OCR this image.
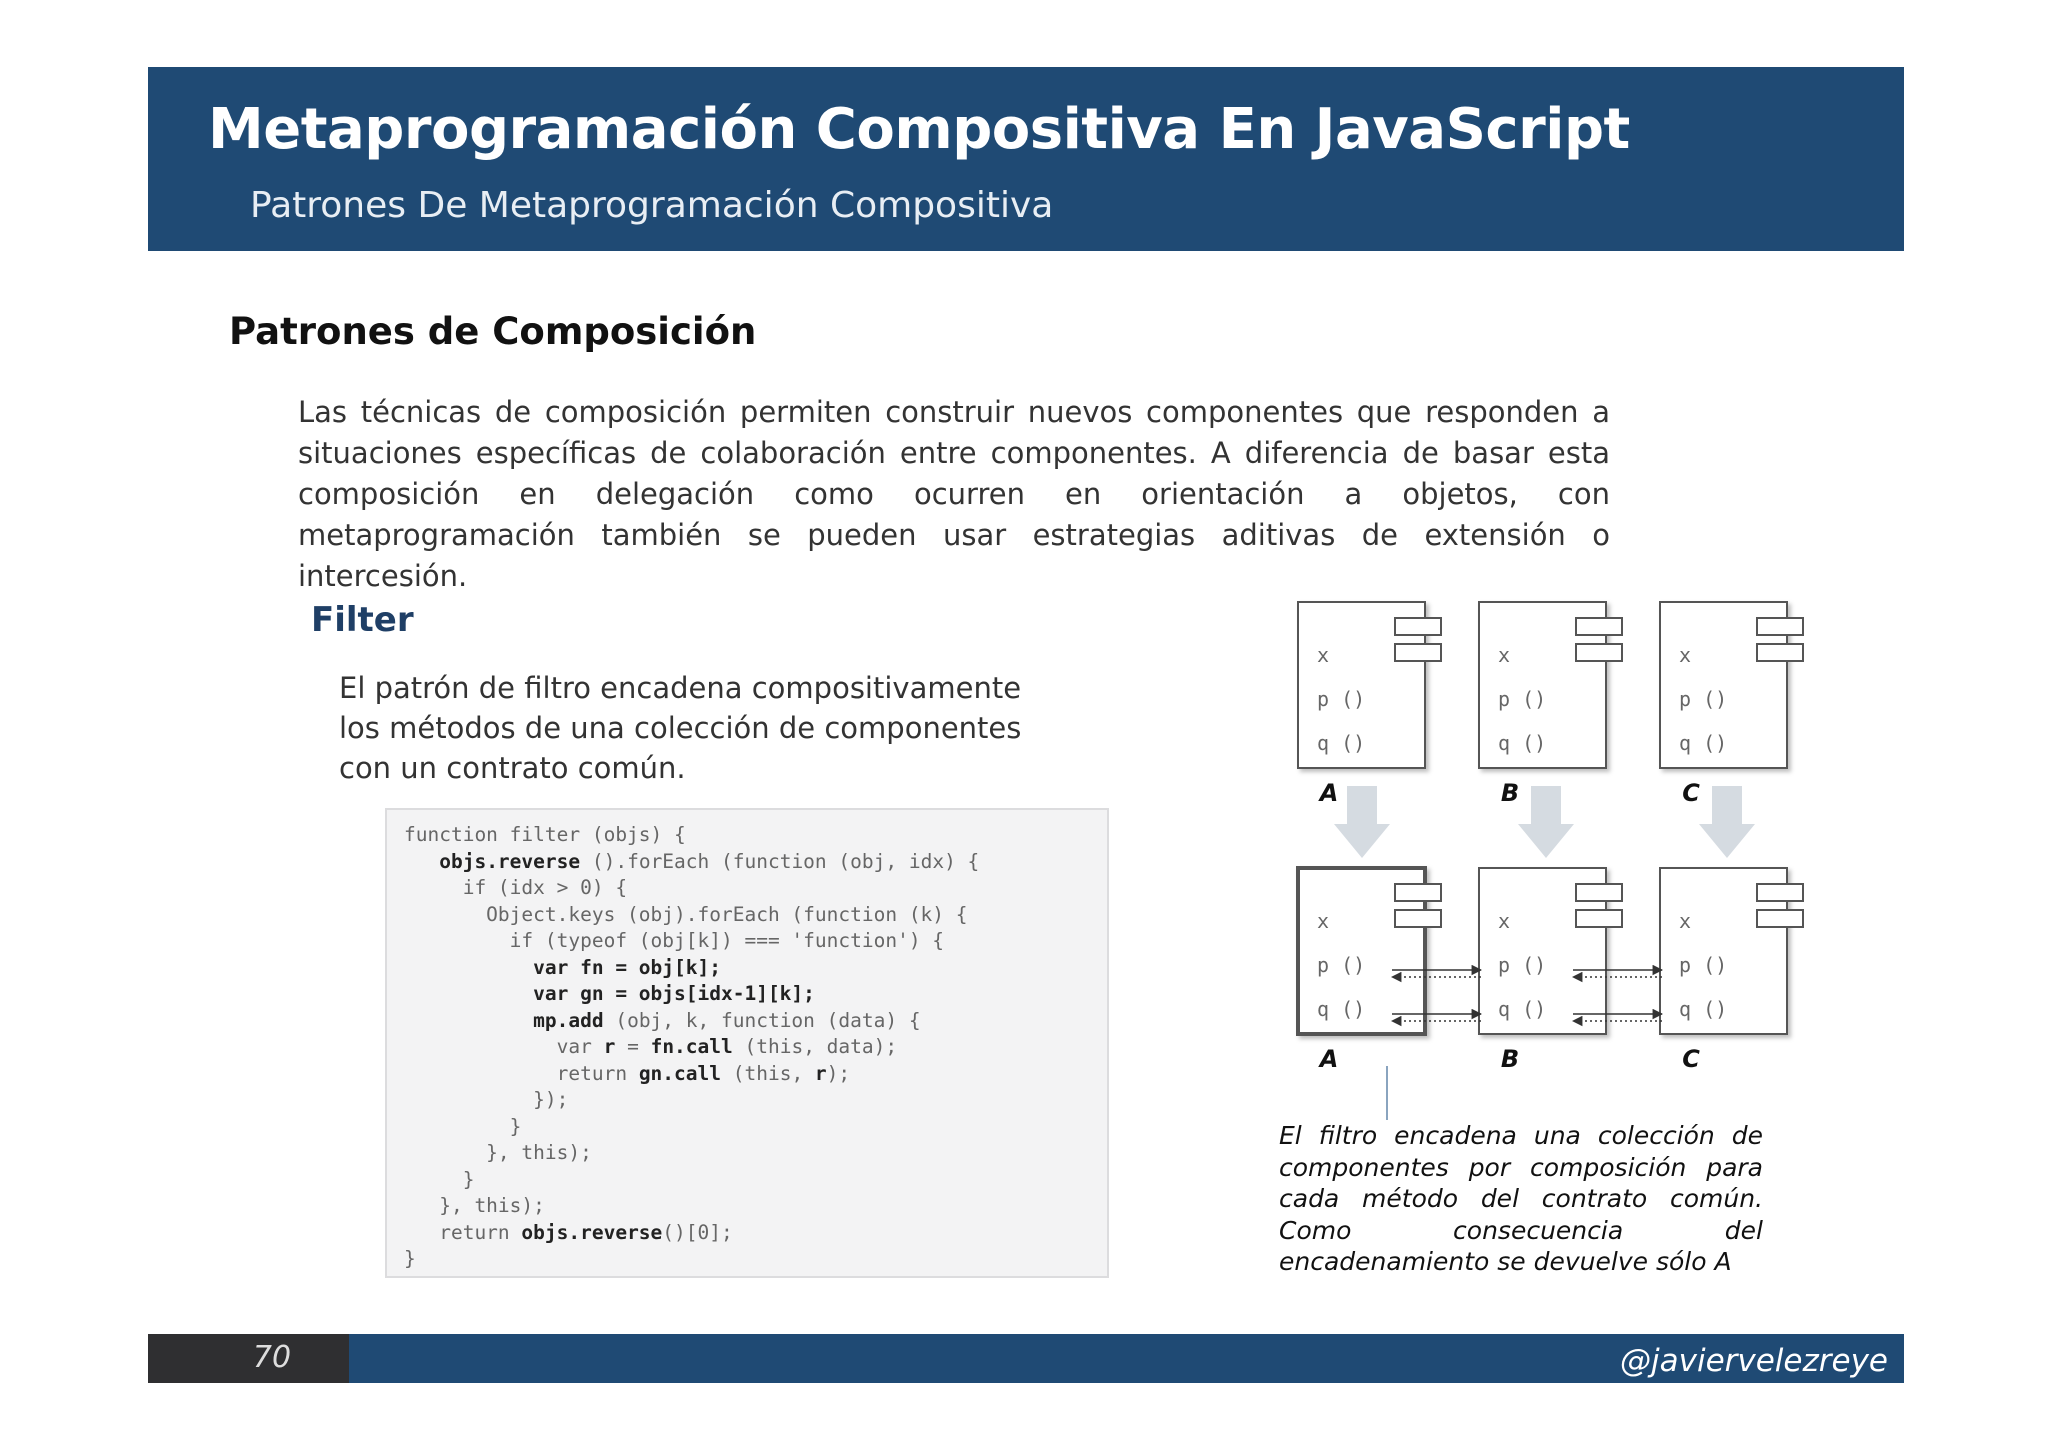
Metaprogramación Compositiva En JavaScript
Patrones De Metaprogramación Compositiva
Patrones de Composición

Las técnicas de composición permiten construir nuevos componentes que responden a situaciones específicas de colaboración entre componentes. A diferencia de basar esta composición en delegación como ocurren en orientación a objetos, con metaprogramación también se pueden usar estrategias aditivas de extensión o intercesión.

Filter

El patrón de filtro encadena compositivamente los métodos de una colección de componentes con un contrato común.

function filter (objs) {
objs.reverse ().forEach (function (obj, idx) {
if (idx > 0) {
Object.keys (obj).forEach (function (k) {
if (typeof (obj[k]) === 'function') {
var fn = obj[k];
var gn = objs[idx-1][k];
mp.add (obj, k, function (data) {
var r = fn.call (this, data);
return gn.call (this, r);
});
}
}, this);
}
}, this);
return objs.reverse()[0];
}
x
p ()
q ()
A
x
p ()
q ()
B
x
p ()
q ()
C
x
p ()
q ()
A
x
p ()
q ()
B
x
p ()
q ()
C

El filtro encadena una colección de componentes por composición para cada método del contrato común. Como consecuencia del encadenamiento se devuelve sólo A

70	@javiervelezreye
